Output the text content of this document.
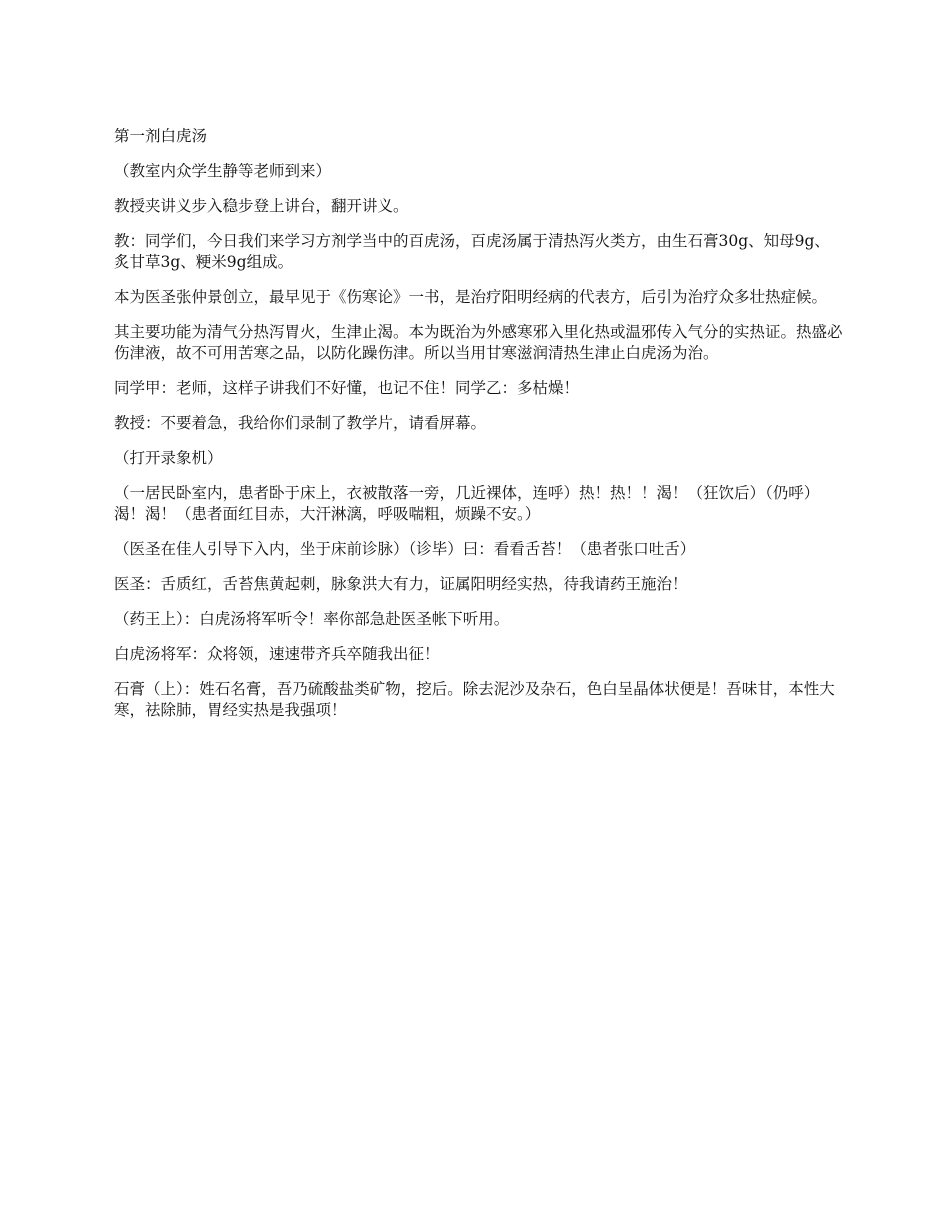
第一剂白虎汤

（教室内众学生静等老师到来）

教授夹讲义步入稳步登上讲台，翻开讲义。

教：同学们，今日我们来学习方剂学当中的百虎汤，百虎汤属于清热泻火类方，由生石膏30g、知母9g、炙甘草3g、粳米9g组成。

本为医圣张仲景创立，最早见于《伤寒论》一书，是治疗阳明经病的代表方，后引为治疗众多壮热症候。

其主要功能为清气分热泻胃火，生津止渴。本为既治为外感寒邪入里化热或温邪传入气分的实热证。热盛必伤津液，故不可用苦寒之品，以防化躁伤津。所以当用甘寒滋润清热生津止白虎汤为治。

同学甲：老师，这样子讲我们不好懂，也记不住！同学乙：多枯燥！

教授：不要着急，我给你们录制了教学片，请看屏幕。

（打开录象机）

（一居民卧室内，患者卧于床上，衣被散落一旁，几近裸体，连呼）热！热！！渴！（狂饮后）（仍呼）渴！渴！（患者面红目赤，大汗淋漓，呼吸喘粗，烦躁不安。）

（医圣在佳人引导下入内，坐于床前诊脉）（诊毕）曰：看看舌苔！（患者张口吐舌）

医圣：舌质红，舌苔焦黄起刺，脉象洪大有力，证属阳明经实热，待我请药王施治！

（药王上）：白虎汤将军听令！率你部急赴医圣帐下听用。

白虎汤将军：众将领，速速带齐兵卒随我出征！

石膏（上）：姓石名膏，吾乃硫酸盐类矿物，挖后。除去泥沙及杂石，色白呈晶体状便是！吾味甘，本性大寒，祛除肺，胃经实热是我强项！
